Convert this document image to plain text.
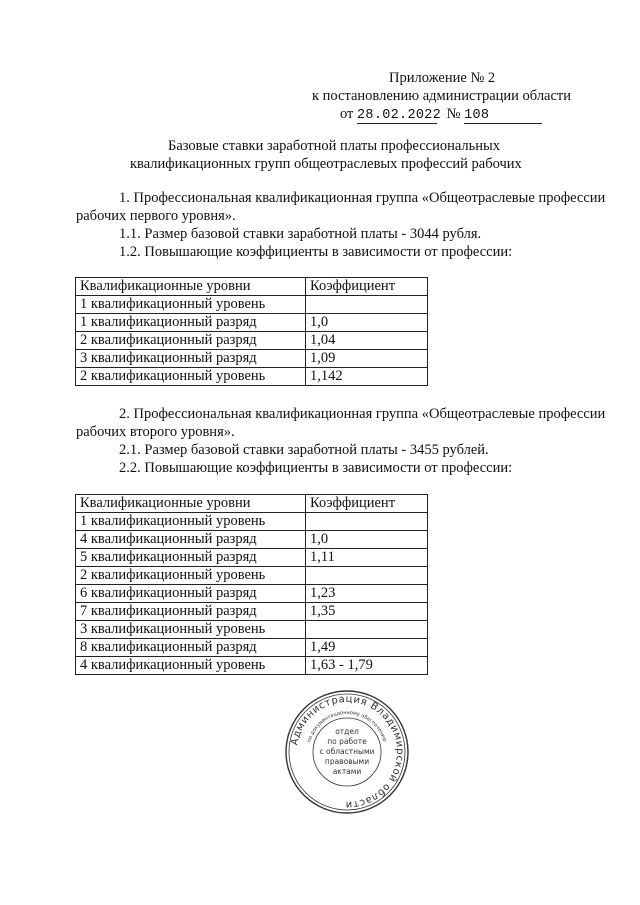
Приложение № 2
к постановлению администрации области
от 28.02.2022 № 108
Базовые ставки заработной платы профессиональных
квалификационных групп общеотраслевых профессий рабочих
1. Профессиональная квалификационная группа «Общеотраслевые профессии
рабочих первого уровня».
1.1. Размер базовой ставки заработной платы - 3044 рубля.
1.2. Повышающие коэффициенты в зависимости от профессии:
Квалификационные уровни	Коэффициент
1 квалификационный уровень	
1 квалификационный разряд	1,0
2 квалификационный разряд	1,04
3 квалификационный разряд	1,09
2 квалификационный уровень	1,142
2. Профессиональная квалификационная группа «Общеотраслевые профессии
рабочих второго уровня».
2.1. Размер базовой ставки заработной платы - 3455 рублей.
2.2. Повышающие коэффициенты в зависимости от профессии:
Квалификационные уровни	Коэффициент
1 квалификационный уровень	
4 квалификационный разряд	1,0
5 квалификационный разряд	1,11
2 квалификационный уровень	
6 квалификационный разряд	1,23
7 квалификационный разряд	1,35
3 квалификационный уровень	
8 квалификационный разряд	1,49
4 квалификационный уровень	1,63 - 1,79
Администрация Владимирской области
по документационному обеспечению
отдел
по работе
с областными
правовыми
актами
